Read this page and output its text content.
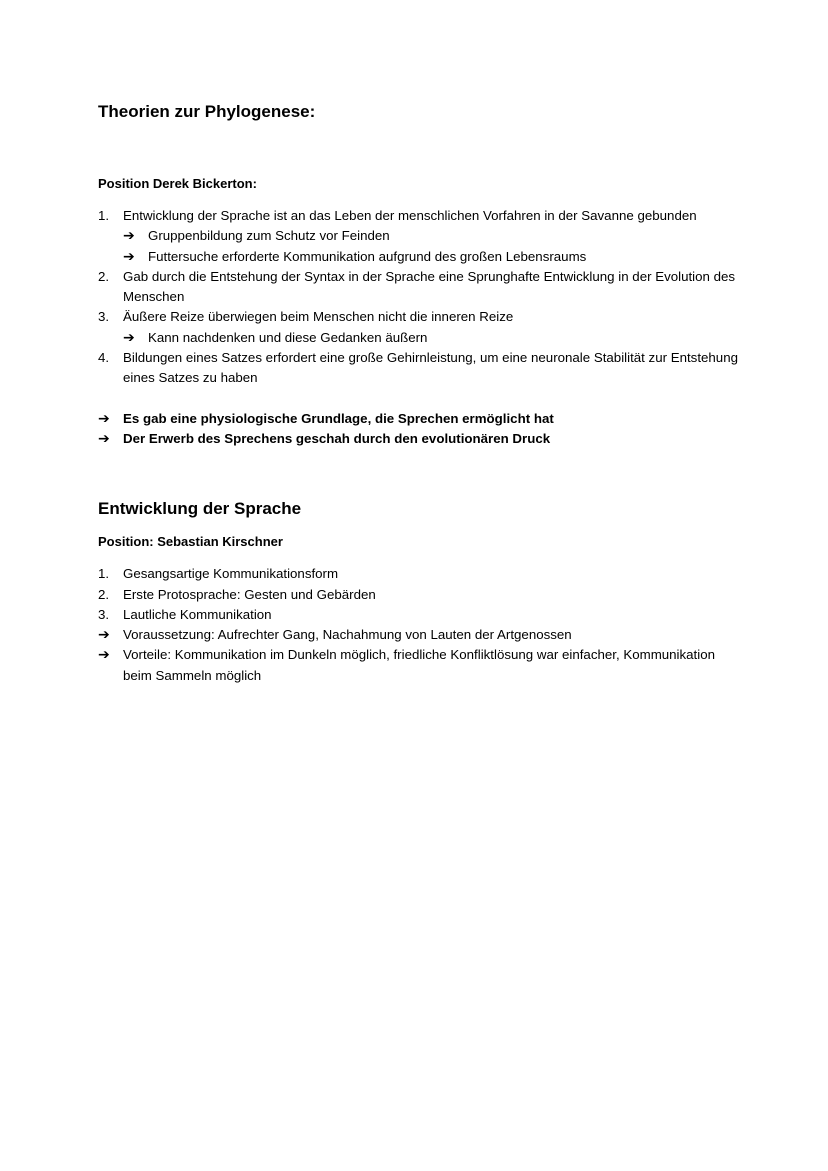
Theorien zur Phylogenese:
Position Derek Bickerton:
1.	Entwicklung der Sprache ist an das Leben der menschlichen Vorfahren in der Savanne gebunden
➔ Gruppenbildung zum Schutz vor Feinden
➔ Futtersuche erforderte Kommunikation aufgrund des großen Lebensraums
2.	Gab durch die Entstehung der Syntax in der Sprache eine Sprunghafte Entwicklung in der Evolution des Menschen
3.	Äußere Reize überwiegen beim Menschen nicht die inneren Reize
➔ Kann nachdenken und diese Gedanken äußern
4.	Bildungen eines Satzes erfordert eine große Gehirnleistung, um eine neuronale Stabilität zur Entstehung eines Satzes zu haben
➔ Es gab eine physiologische Grundlage, die Sprechen ermöglicht hat
➔ Der Erwerb des Sprechens geschah durch den evolutionären Druck
Entwicklung der Sprache
Position: Sebastian Kirschner
1.	Gesangsartige Kommunikationsform
2.	Erste Protosprache: Gesten und Gebärden
3.	Lautliche Kommunikation
➔ Voraussetzung: Aufrechter Gang, Nachahmung von Lauten der Artgenossen
➔ Vorteile: Kommunikation im Dunkeln möglich, friedliche Konfliktlösung war einfacher, Kommunikation beim Sammeln möglich
